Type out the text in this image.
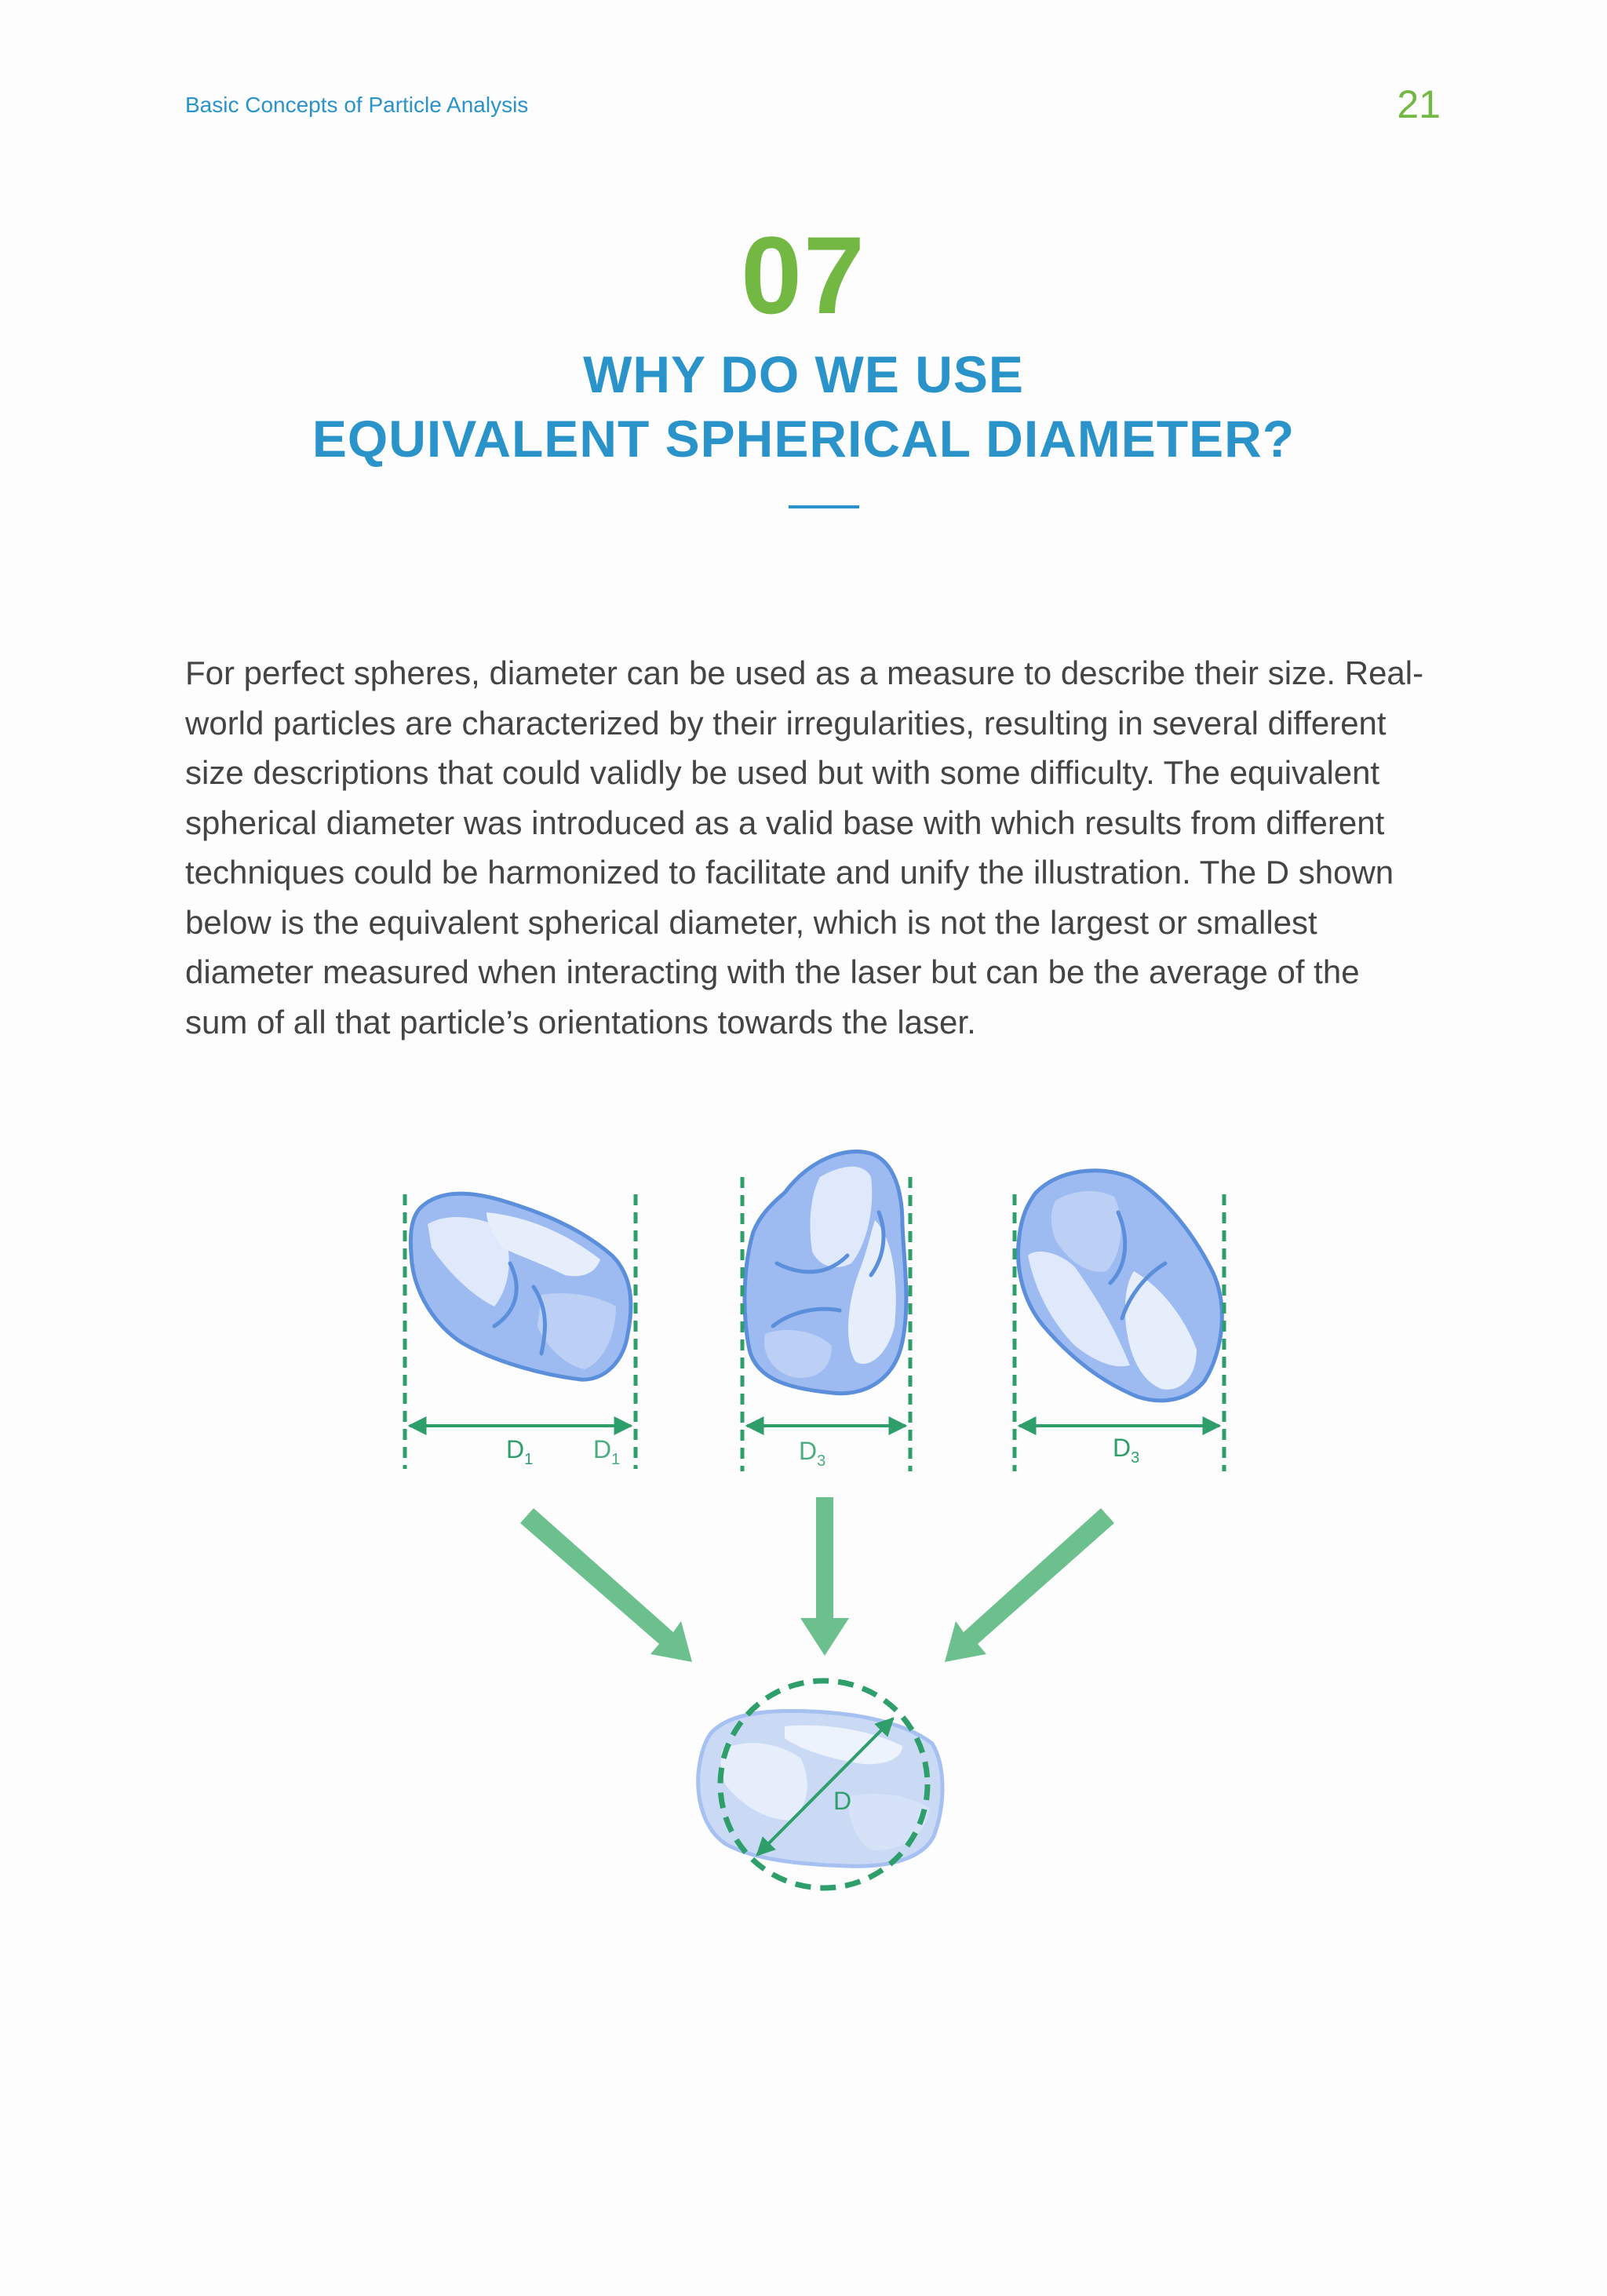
Basic Concepts of Particle Analysis	21
07
WHY DO WE USE
EQUIVALENT SPHERICAL DIAMETER?
For perfect spheres, diameter can be used as a measure to describe their size. Real-
world particles are characterized by their irregularities, resulting in several different
size descriptions that could validly be used but with some difficulty. The equivalent
spherical diameter was introduced as a valid base with which results from different
techniques could be harmonized to facilitate and unify the illustration. The D shown
below is the equivalent spherical diameter, which is not the largest or smallest
diameter measured when interacting with the laser but can be the average of the
sum of all that particle’s orientations towards the laser.
$D_1$ $D_1$	$D_3$	$D_3$
D
